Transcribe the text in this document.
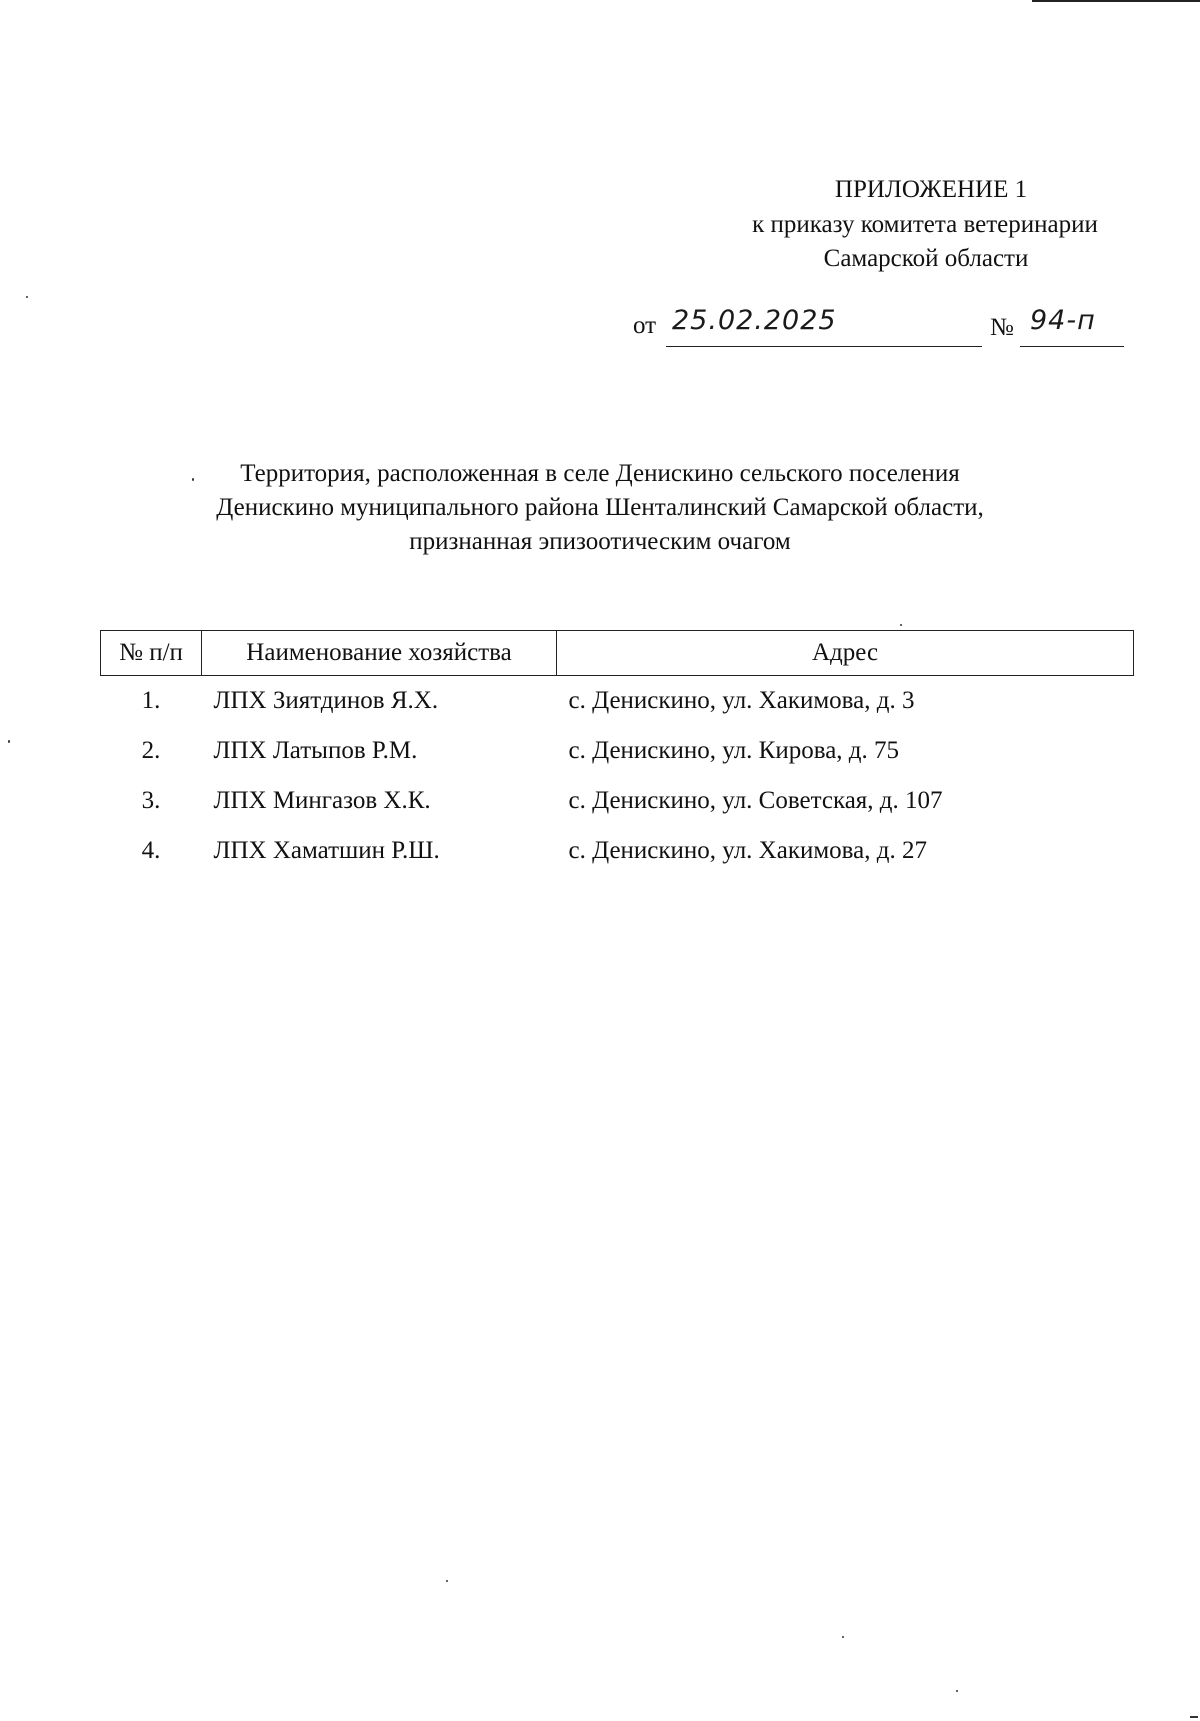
ПРИЛОЖЕНИЕ 1
к приказу комитета ветеринарии
Самарской области
от 25.02.2025	№ 94-п
Территория, расположенная в селе Денискино сельского поселения
Денискино муниципального района Шенталинский Самарской области,
признанная эпизоотическим очагом
№ п/п	Наименование хозяйства	Адрес
1.	ЛПХ Зиятдинов Я.Х.	с. Денискино, ул. Хакимова, д. 3
2.	ЛПХ Латыпов Р.М.	с. Денискино, ул. Кирова, д. 75
3.	ЛПХ Мингазов Х.К.	с. Денискино, ул. Советская, д. 107
4.	ЛПХ Хаматшин Р.Ш.	с. Денискино, ул. Хакимова, д. 27
